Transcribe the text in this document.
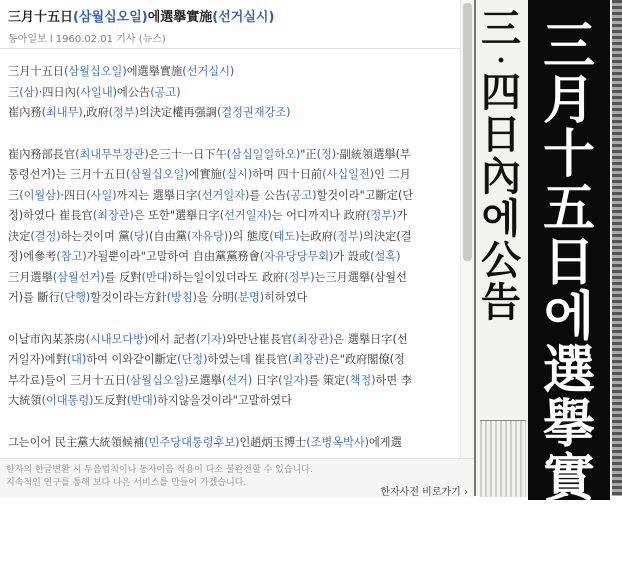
三月十五日(삼월십오일)에選擧實施(선거실시)
동아일보 l 1960.02.01 기사 (뉴스)

三月十五日(삼월십오일)에選擧實施(선거실시)

三(삼)·四日內(사일내)에公告(공고)

崔內務(최내무),政府(정부)의決定權再强調(결정권재강조)

崔內務部長官(최내무부장관)은三十一日下午(삼십일일하오)"正(정)·副統領選擧(부

통령선거)는 三月十五日(삼월십오일)에實施(실시)하며 四十日前(사십일전)인 二月

三(이월삼)·四日(사일)까지는 選擧日字(선거일자)를 公告(공고)할것이라"고斷定(단

정)하였다 崔長官(최장관)은 또한"選擧日字(선거일자)는 어디까지나 政府(정부)가

決定(결정)하는것이며 黨(당)(自由黨(자유당))의 態度(태도)는政府(정부)의決定(결

정)에參考(참고)가될뿐이라"고말하여 自由黨黨務會(자유당당무회)가 設或(설혹)

三月選擧(삼월선거)를 反對(반대)하는일이있더라도 政府(정부)는三月選擧(삼월선

거)를 斷行(단행)할것이라는方針(방침)을 分明(분명)히하였다

이날市內某茶房(시내모다방)에서 記者(기자)와만난崔長官(최장관)은 選擧日字(선

거일자)에對(대)하여 이와같이斷定(단정)하였는데 崔長官(최장관)은"政府閣僚(정

부각료)들이 三月十五日(삼월십오일)로選擧(선거) 日字(일자)를 策定(책정)하면 李

大統領(이대통령)도反對(반대)하지않을것이라"고말하였다

그는이어 民主黨大統領候補(민주당대통령후보)인趙炳玉博士(조병옥박사)에게選

한자의 한글변환 시 두음법칙이나 동자이음 적용이 다소 불완전할 수 있습니다.
지속적인 연구를 통해 보다 나은 서비스를 만들어 가겠습니다.
한자사전 비로가기 ›
三
·
四
日
內
에
公
告
三
月
十
五
日
에
選
擧
實
施
